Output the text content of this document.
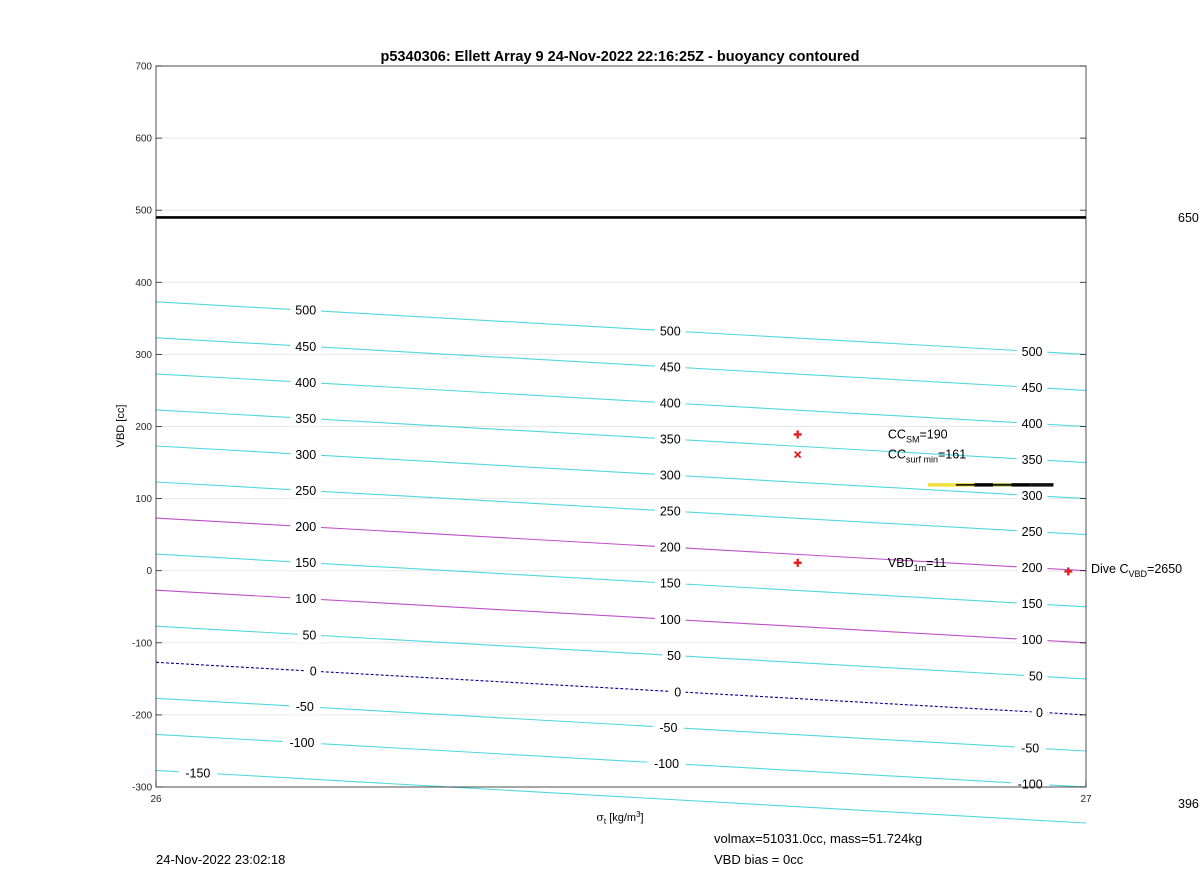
-150
-100
-100
-100
-50
-50
-50
0
0
0
50
50
50
100
100
100
150
150
150
200
200
200
250
250
250
300
300
300
350
350
350
400
400
400
450
450
450
500
500
500
$CC_{SM}=190$
$CC_{surf min}=161$
$VBD_{1m}=11$
700
600
500
400
300
200
100
0
-100
-200
-300
26	27
p5340306: Ellett Array 9 24-Nov-2022 22:16:25Z - buoyancy contoured
VBD [cc]
$\sigma_t$ $[kg/m^3]$
650
Dive $C_{VBD}=2650$
396
24-Nov-2022 23:02:18
volmax=51031.0cc, mass=51.724kg
VBD bias = 0cc
